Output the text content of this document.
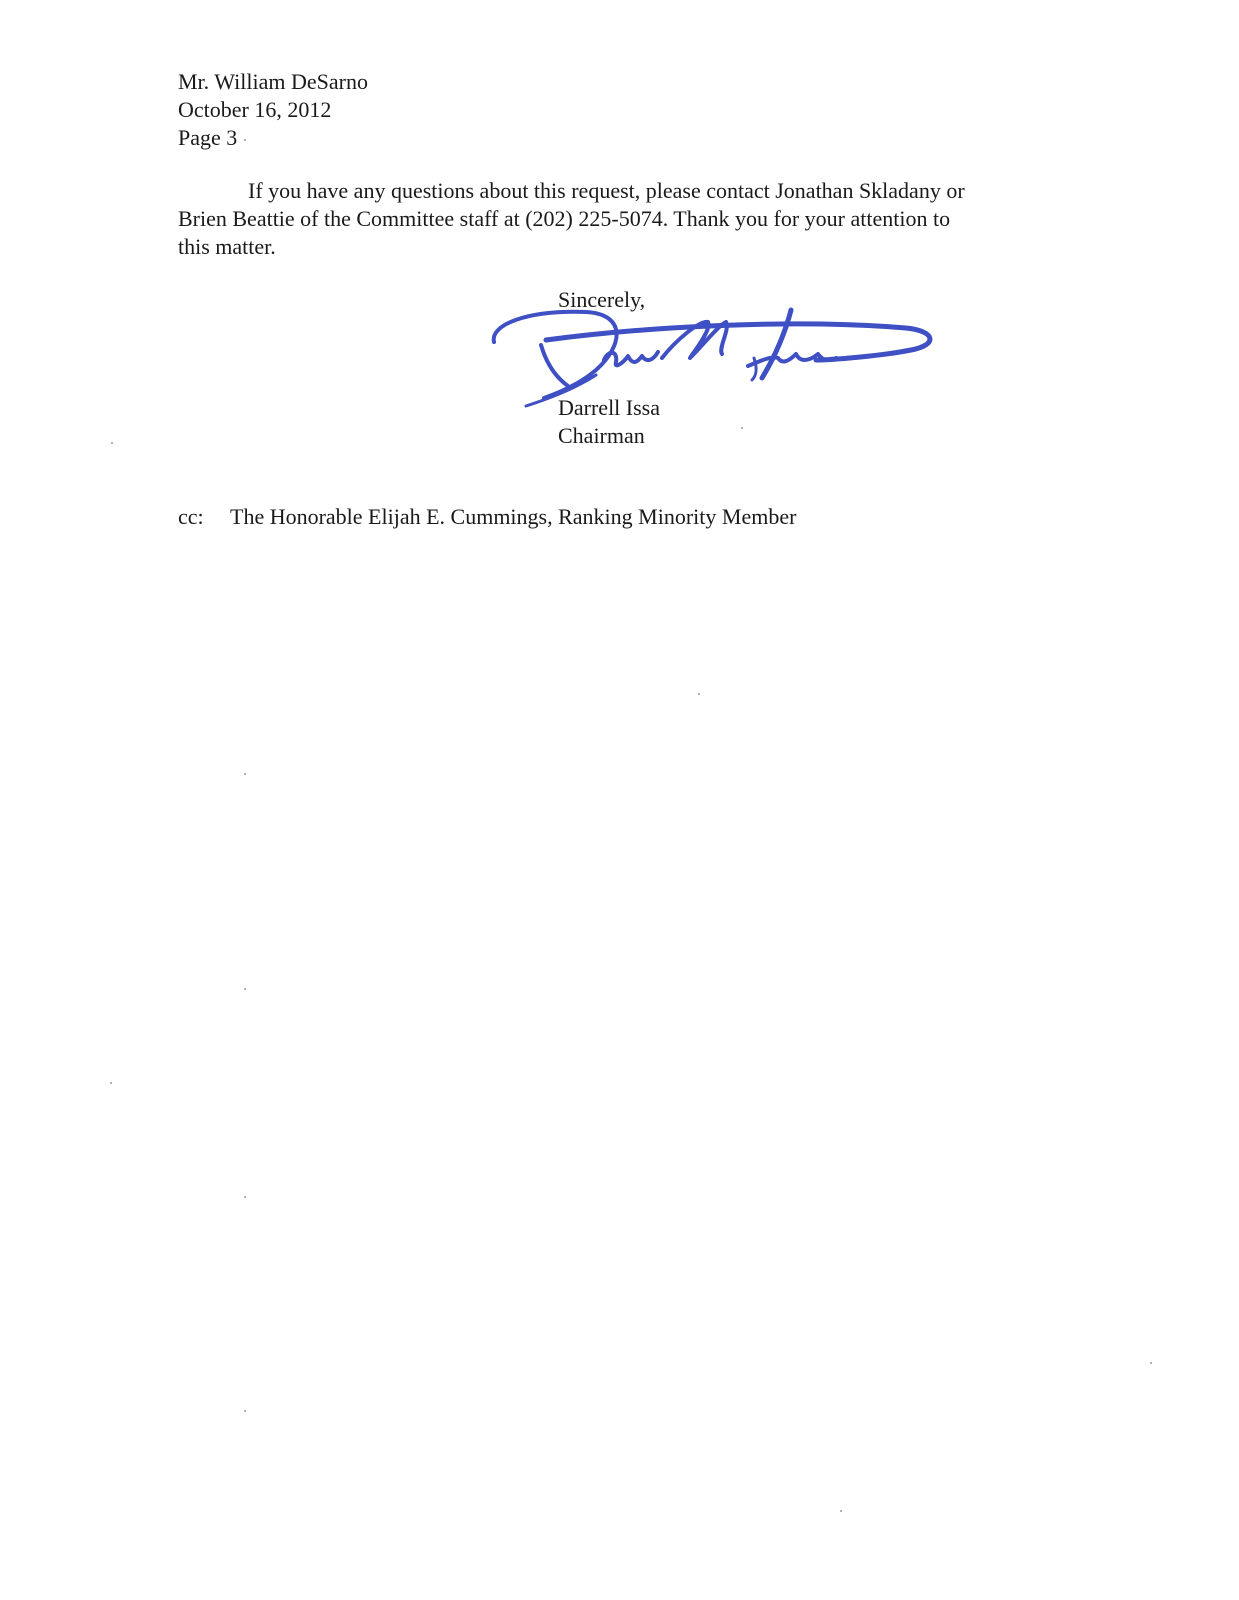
Mr. William DeSarno
October 16, 2012
Page 3
If you have any questions about this request, please contact Jonathan Skladany or
Brien Beattie of the Committee staff at (202) 225-5074. Thank you for your attention to
this matter.
Sincerely,
Darrell Issa
Chairman
cc: The Honorable Elijah E. Cummings, Ranking Minority Member
